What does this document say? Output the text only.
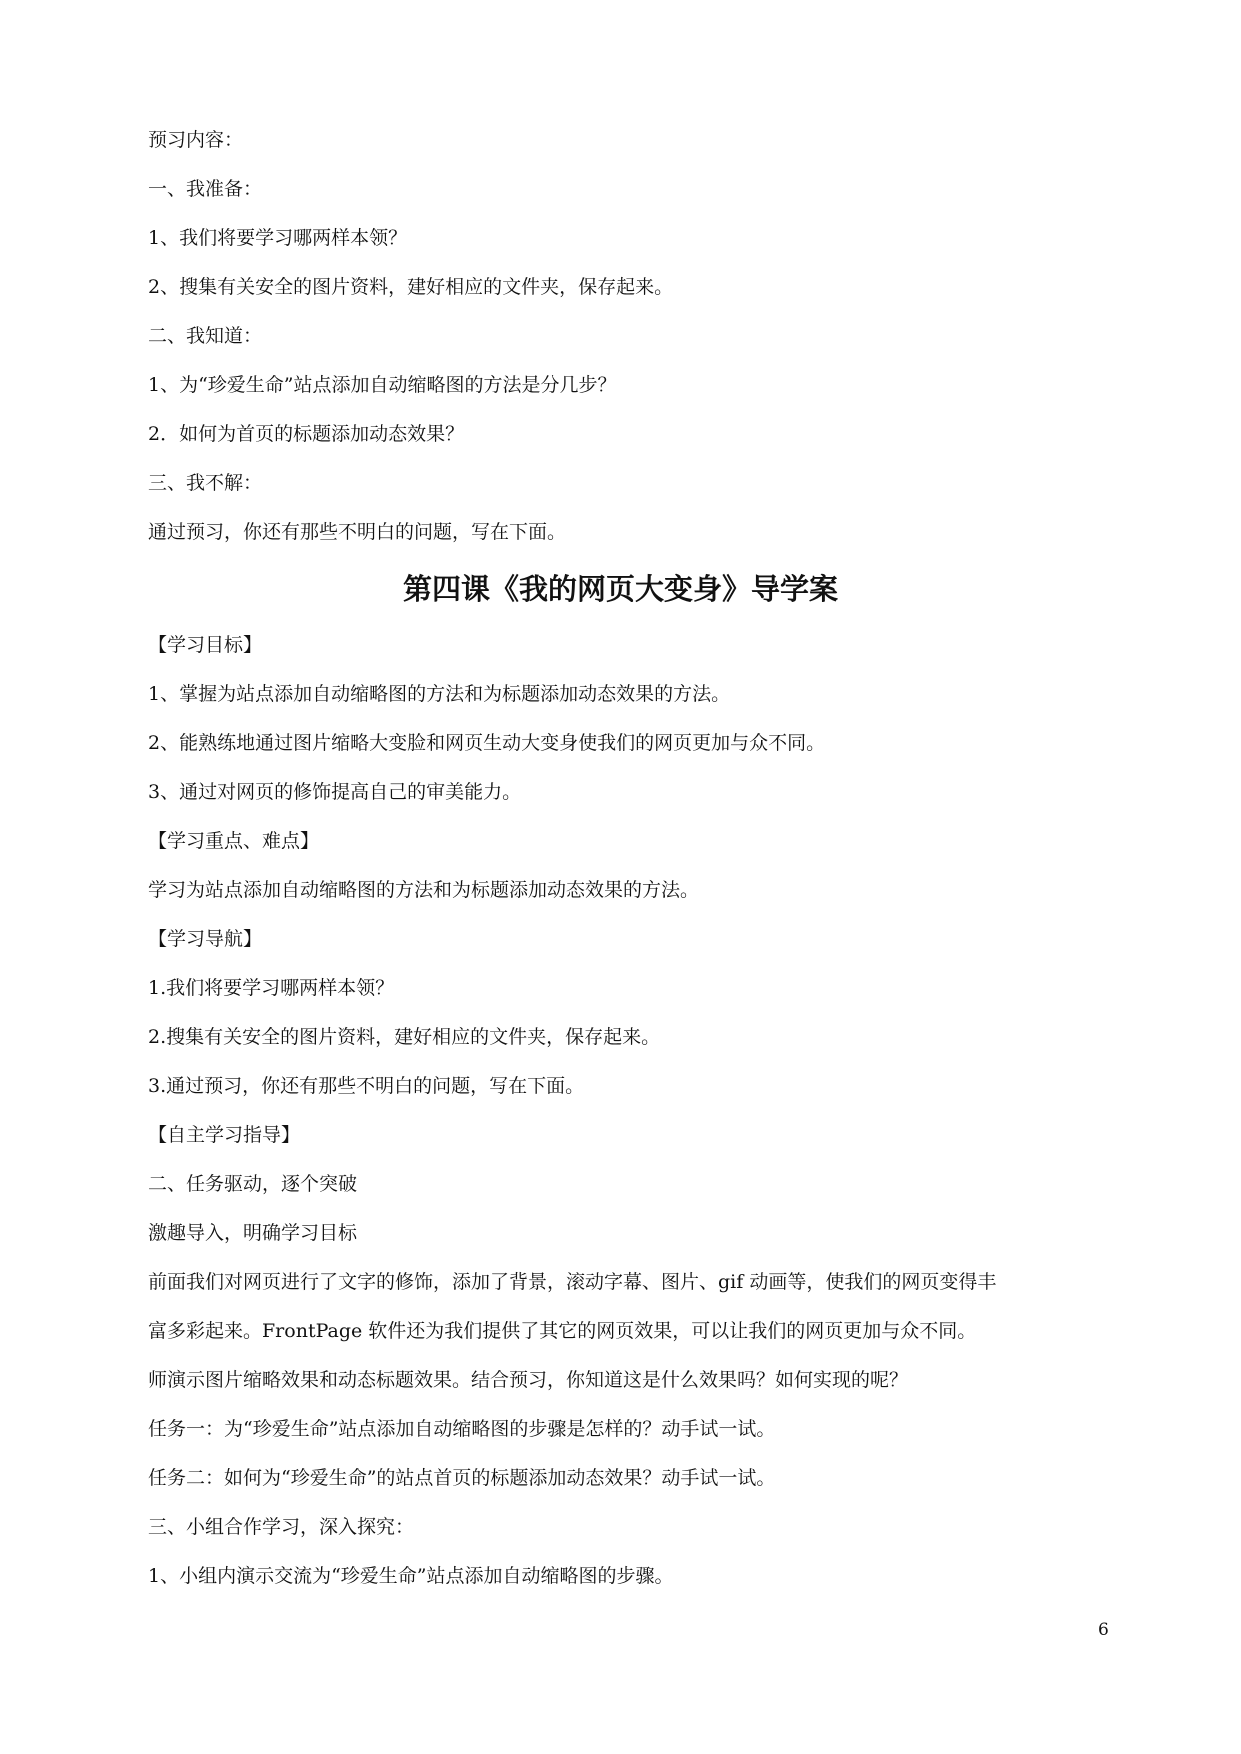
预习内容：
一、我准备：
1、我们将要学习哪两样本领？
2、搜集有关安全的图片资料，建好相应的文件夹，保存起来。
二、我知道：
1、为“珍爱生命”站点添加自动缩略图的方法是分几步？
2．如何为首页的标题添加动态效果？
三、我不解：
通过预习，你还有那些不明白的问题，写在下面。
第四课《我的网页大变身》导学案
【学习目标】
1、掌握为站点添加自动缩略图的方法和为标题添加动态效果的方法。
2、能熟练地通过图片缩略大变脸和网页生动大变身使我们的网页更加与众不同。
3、通过对网页的修饰提高自己的审美能力。
【学习重点、难点】
学习为站点添加自动缩略图的方法和为标题添加动态效果的方法。
【学习导航】
1.我们将要学习哪两样本领？
2.搜集有关安全的图片资料，建好相应的文件夹，保存起来。
3.通过预习，你还有那些不明白的问题，写在下面。
【自主学习指导】
二、任务驱动，逐个突破
激趣导入，明确学习目标
前面我们对网页进行了文字的修饰，添加了背景，滚动字幕、图片、gif 动画等，使我们的网页变得丰
富多彩起来。FrontPage 软件还为我们提供了其它的网页效果，可以让我们的网页更加与众不同。
师演示图片缩略效果和动态标题效果。结合预习，你知道这是什么效果吗？如何实现的呢？
任务一：为“珍爱生命”站点添加自动缩略图的步骤是怎样的？动手试一试。
任务二：如何为“珍爱生命”的站点首页的标题添加动态效果？动手试一试。
三、小组合作学习，深入探究：
1、小组内演示交流为“珍爱生命”站点添加自动缩略图的步骤。
6
